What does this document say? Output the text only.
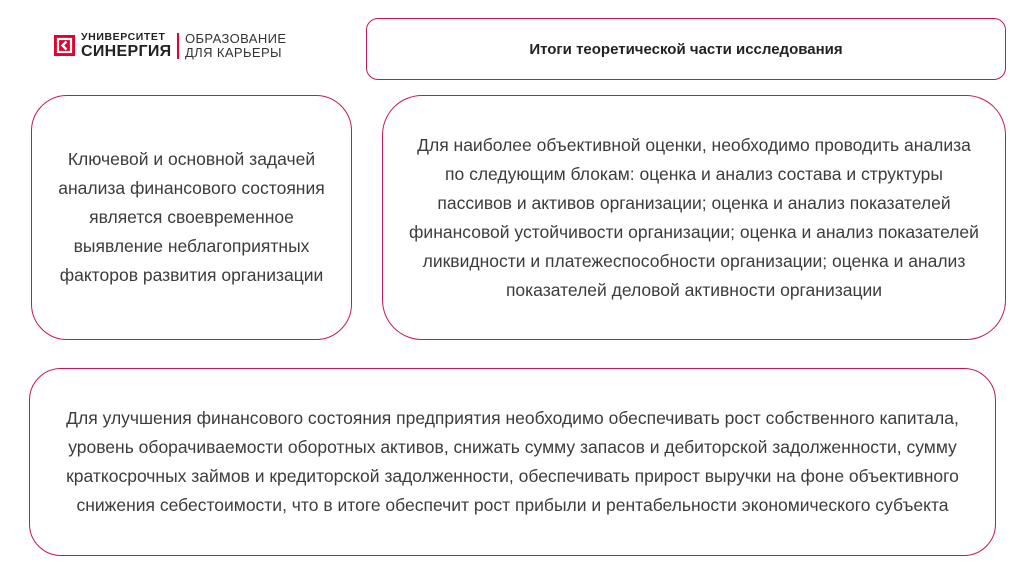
УНИВЕРСИТЕТ
СИНЕРГИЯ
ОБРАЗОВАНИЕ
ДЛЯ КАРЬЕРЫ	Итоги теоретической части исследования

Ключевой и основной задачей анализа финансового состояния является своевременное выявление неблагоприятных факторов развития организации

Для наиболее объективной оценки, необходимо проводить анализа по следующим блокам: оценка и анализ состава и структуры пассивов и активов организации; оценка и анализ показателей финансовой устойчивости организации; оценка и анализ показателей ликвидности и платежеспособности организации; оценка и анализ показателей деловой активности организации

Для улучшения финансового состояния предприятия необходимо обеспечивать рост собственного капитала, уровень оборачиваемости оборотных активов, снижать сумму запасов и дебиторской задолженности, сумму краткосрочных займов и кредиторской задолженности, обеспечивать прирост выручки на фоне объективного снижения себестоимости, что в итоге обеспечит рост прибыли и рентабельности экономического субъекта
